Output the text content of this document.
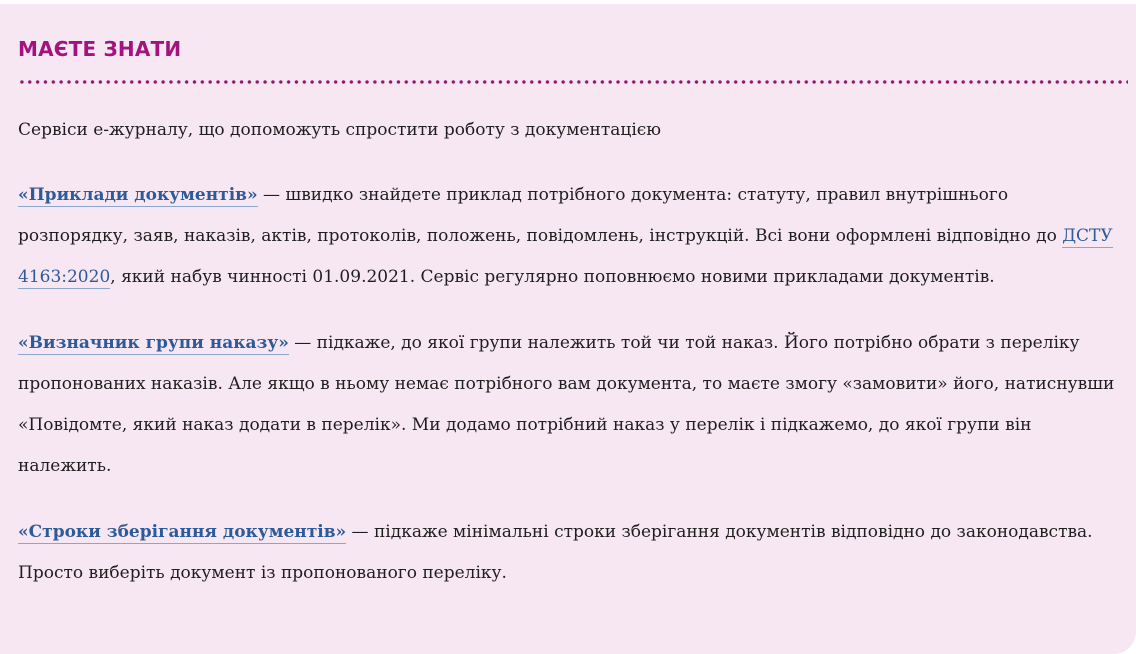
МАЄТЕ ЗНАТИ

Сервіси е-журналу, що допоможуть спростити роботу з документацією

«Приклади документів» — швидко знайдете приклад потрібного документа: статуту, правил внутрішнього розпорядку, заяв, наказів, актів, протоколів, положень, повідомлень, інструкцій. Всі вони оформлені відповідно до ДСТУ 4163:2020, який набув чинності 01.09.2021. Сервіс регулярно поповнюємо новими прикладами документів.

«Визначник групи наказу» — підкаже, до якої групи належить той чи той наказ. Його потрібно обрати з переліку пропонованих наказів. Але якщо в ньому немає потрібного вам документа, то маєте змогу «замовити» його, натиснувши «Повідомте, який наказ додати в перелік». Ми додамо потрібний наказ у перелік і підкажемо, до якої групи він належить.

«Строки зберігання документів» — підкаже мінімальні строки зберігання документів відповідно до законодавства. Просто виберіть документ із пропонованого переліку.
